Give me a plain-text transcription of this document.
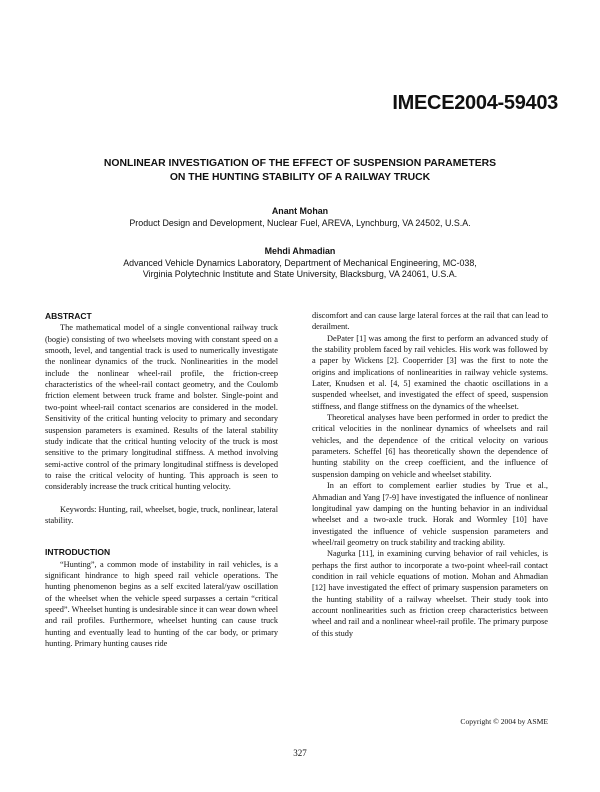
IMECE2004-59403
NONLINEAR INVESTIGATION OF THE EFFECT OF SUSPENSION PARAMETERS
ON THE HUNTING STABILITY OF A RAILWAY TRUCK
Anant Mohan
Product Design and Development, Nuclear Fuel, AREVA, Lynchburg, VA 24502, U.S.A.
Mehdi Ahmadian
Advanced Vehicle Dynamics Laboratory, Department of Mechanical Engineering, MC-038,
Virginia Polytechnic Institute and State University, Blacksburg, VA 24061, U.S.A.
ABSTRACT

The mathematical model of a single conventional railway truck (bogie) consisting of two wheelsets moving with constant speed on a smooth, level, and tangential track is used to numerically investigate the nonlinear dynamics of the truck. Nonlinearities in the model include the nonlinear wheel-rail profile, the friction-creep characteristics of the wheel-rail contact geometry, and the Coulomb friction element between truck frame and bolster. Single-point and two-point wheel-rail contact scenarios are considered in the model. Sensitivity of the critical hunting velocity to primary and secondary suspension parameters is examined. Results of the lateral stability study indicate that the critical hunting velocity of the truck is most sensitive to the primary longitudinal stiffness. A method involving semi-active control of the primary longitudinal stiffness is developed to raise the critical velocity of hunting. This approach is seen to considerably increase the truck critical hunting velocity.

Keywords: Hunting, rail, wheelset, bogie, truck, nonlinear, lateral stability.

INTRODUCTION

“Hunting”, a common mode of instability in rail vehicles, is a significant hindrance to high speed rail vehicle operations. The hunting phenomenon begins as a self excited lateral/yaw oscillation of the wheelset when the vehicle speed surpasses a certain “critical speed”. Wheelset hunting is undesirable since it can wear down wheel and rail profiles. Furthermore, wheelset hunting can cause truck hunting and eventually lead to hunting of the car body, or primary hunting. Primary hunting causes ride

discomfort and can cause large lateral forces at the rail that can lead to derailment.

DePater [1] was among the first to perform an advanced study of the stability problem faced by rail vehicles. His work was followed by a paper by Wickens [2]. Cooperrider [3] was the first to note the origins and implications of nonlinearities in railway vehicle systems. Later, Knudsen et al. [4, 5] examined the chaotic oscillations in a suspended wheelset, and investigated the effect of speed, suspension stiffness, and flange stiffness on the dynamics of the wheelset.

Theoretical analyses have been performed in order to predict the critical velocities in the nonlinear dynamics of wheelsets and rail vehicles, and the dependence of the critical velocity on various parameters. Scheffel [6] has theoretically shown the dependence of hunting stability on the creep coefficient, and the influence of suspension damping on vehicle and wheelset stability.

In an effort to complement earlier studies by True et al., Ahmadian and Yang [7-9] have investigated the influence of nonlinear longitudinal yaw damping on the hunting behavior in an individual wheelset and a two-axle truck. Horak and Wormley [10] have investigated the influence of vehicle suspension parameters and wheel/rail geometry on truck stability and tracking ability.

Nagurka [11], in examining curving behavior of rail vehicles, is perhaps the first author to incorporate a two-point wheel-rail contact condition in rail vehicle equations of motion. Mohan and Ahmadian [12] have investigated the effect of primary suspension parameters on the hunting stability of a railway wheelset. Their study took into account nonlinearities such as friction creep characteristics between wheel and rail and a nonlinear wheel-rail profile. The primary purpose of this study

Copyright © 2004 by ASME
327
